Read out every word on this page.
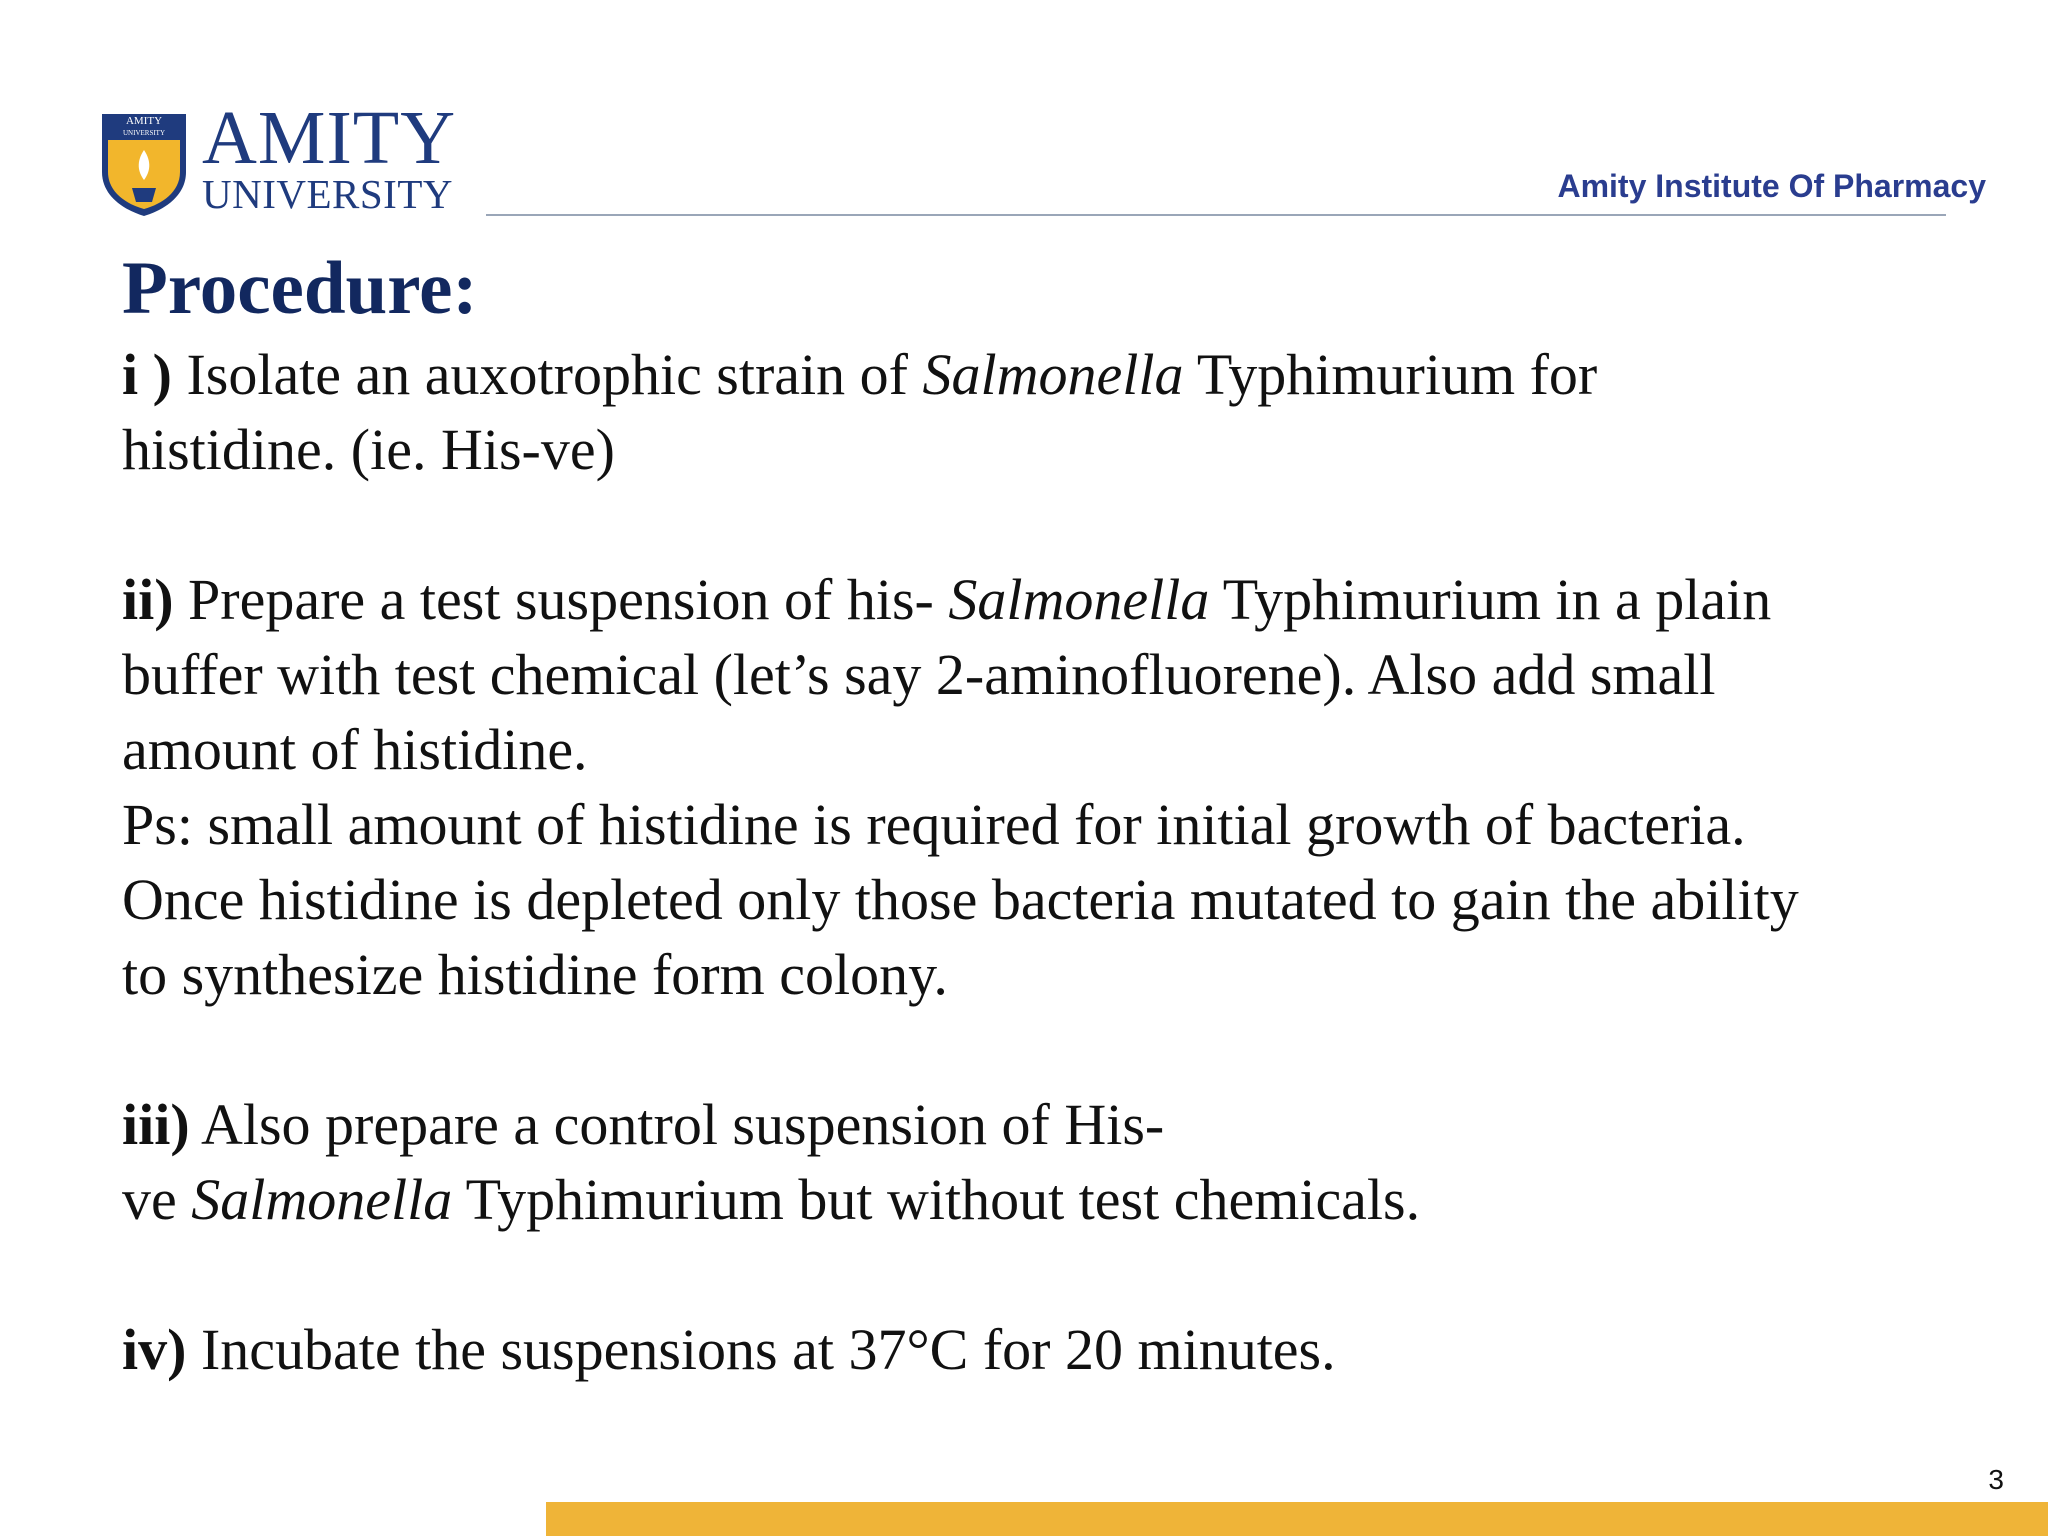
AMITY
UNIVERSITY AMITY
UNIVERSITY	Amity Institute Of Pharmacy
Procedure:
i ) Isolate an auxotrophic strain of Salmonella Typhimurium for
histidine. (ie. His-ve)
ii) Prepare a test suspension of his- Salmonella Typhimurium in a plain
buffer with test chemical (let’s say 2-aminofluorene). Also add small
amount of histidine.
Ps: small amount of histidine is required for initial growth of bacteria.
Once histidine is depleted only those bacteria mutated to gain the ability
to synthesize histidine form colony.
iii) Also prepare a control suspension of His-
ve Salmonella Typhimurium but without test chemicals.
iv) Incubate the suspensions at 37°C for 20 minutes.
3
